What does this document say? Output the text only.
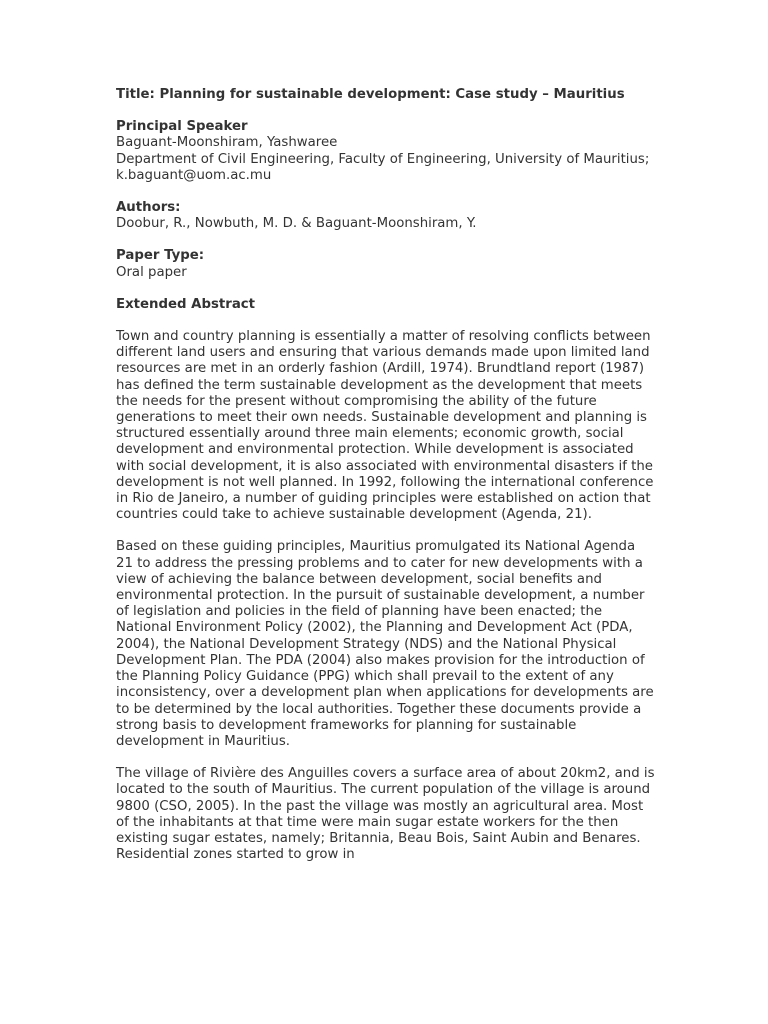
Title: Planning for sustainable development: Case study – Mauritius

Principal Speaker

Baguant-Moonshiram, Yashwaree

Department of Civil Engineering, Faculty of Engineering, University of Mauritius; k.baguant@uom.ac.mu

Authors:

Doobur, R., Nowbuth, M. D. & Baguant-Moonshiram, Y.

Paper Type:

Oral paper

Extended Abstract

Town and country planning is essentially a matter of resolving conflicts between different land users and ensuring that various demands made upon limited land resources are met in an orderly fashion (Ardill, 1974). Brundtland report (1987) has defined the term sustainable development as the development that meets the needs for the present without compromising the ability of the future generations to meet their own needs. Sustainable development and planning is structured essentially around three main elements; economic growth, social development and environmental protection. While development is associated with social development, it is also associated with environmental disasters if the development is not well planned. In 1992, following the international conference in Rio de Janeiro, a number of guiding principles were established on action that countries could take to achieve sustainable development (Agenda, 21).

Based on these guiding principles, Mauritius promulgated its National Agenda 21 to address the pressing problems and to cater for new developments with a view of achieving the balance between development, social benefits and environmental protection. In the pursuit of sustainable development, a number of legislation and policies in the field of planning have been enacted; the National Environment Policy (2002), the Planning and Development Act (PDA, 2004), the National Development Strategy (NDS) and the National Physical Development Plan. The PDA (2004) also makes provision for the introduction of the Planning Policy Guidance (PPG) which shall prevail to the extent of any inconsistency, over a development plan when applications for developments are to be determined by the local authorities. Together these documents provide a strong basis to development frameworks for planning for sustainable development in Mauritius.

The village of Rivière des Anguilles covers a surface area of about 20km2, and is located to the south of Mauritius. The current population of the village is around 9800 (CSO, 2005). In the past the village was mostly an agricultural area. Most of the inhabitants at that time were main sugar estate workers for the then existing sugar estates, namely; Britannia, Beau Bois, Saint Aubin and Benares. Residential zones started to grow in
